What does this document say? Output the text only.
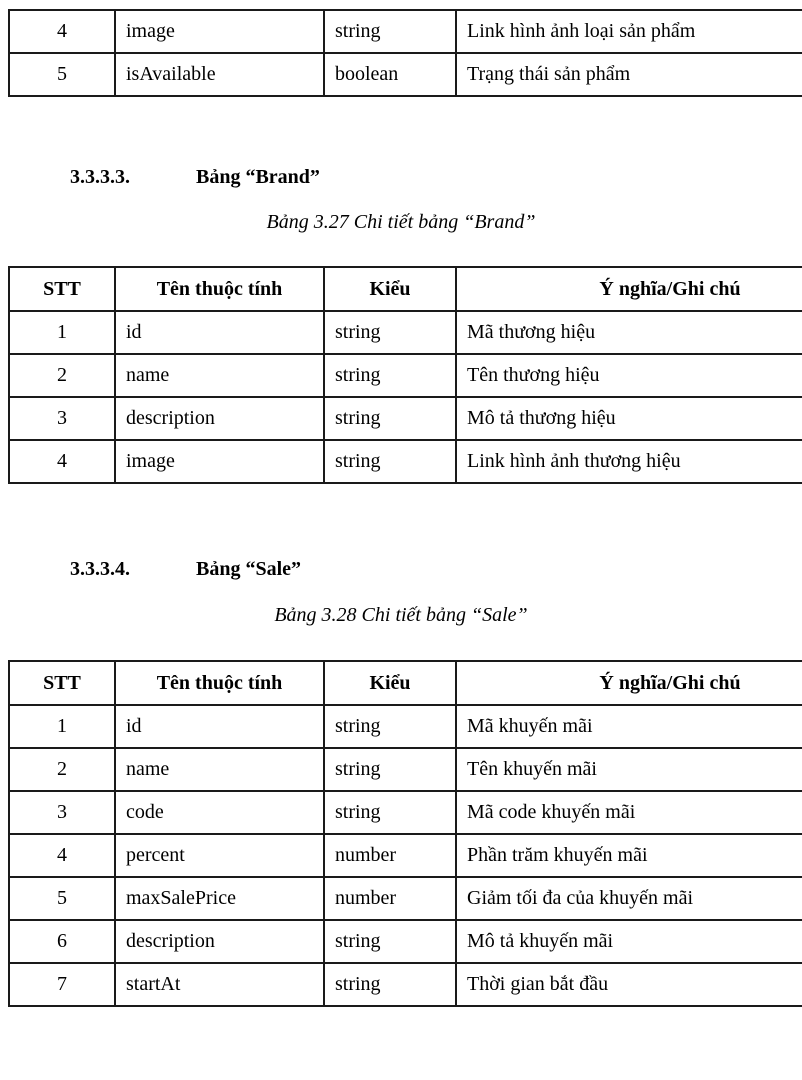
4	image	string	Link hình ảnh loại sản phẩm
5	isAvailable	boolean	Trạng thái sản phẩm
3.3.3.3.	Bảng “Brand”
Bảng 3.27 Chi tiết bảng “Brand”
STT	Tên thuộc tính	Kiểu	Ý nghĩa/Ghi chú
1	id	string	Mã thương hiệu
2	name	string	Tên thương hiệu
3	description	string	Mô tả thương hiệu
4	image	string	Link hình ảnh thương hiệu
3.3.3.4.	Bảng “Sale”
Bảng 3.28 Chi tiết bảng “Sale”
STT	Tên thuộc tính	Kiểu	Ý nghĩa/Ghi chú
1	id	string	Mã khuyến mãi
2	name	string	Tên khuyến mãi
3	code	string	Mã code khuyến mãi
4	percent	number	Phần trăm khuyến mãi
5	maxSalePrice	number	Giảm tối đa của khuyến mãi
6	description	string	Mô tả khuyến mãi
7	startAt	string	Thời gian bắt đầu
